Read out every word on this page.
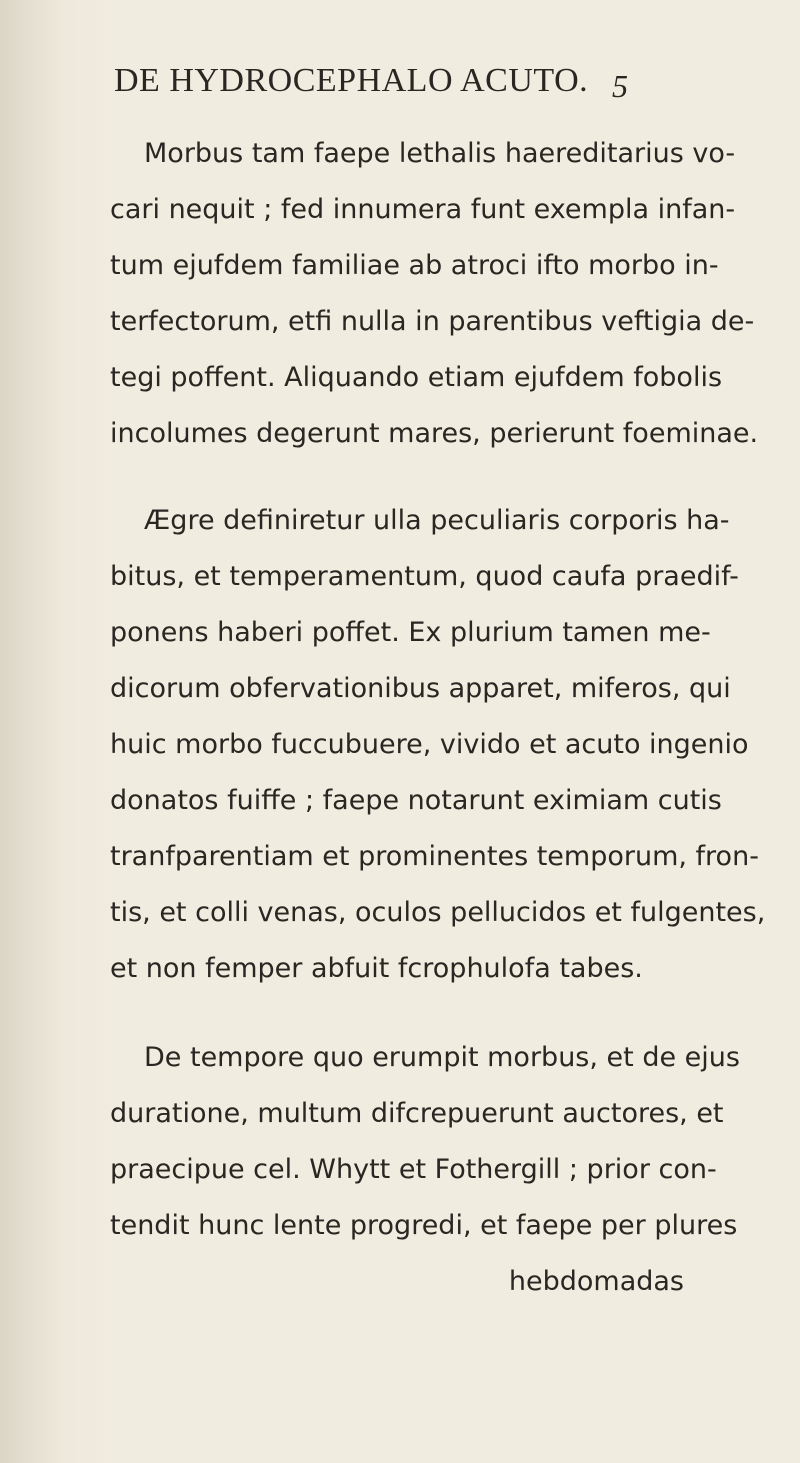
DE HYDROCEPHALO ACUTO. 5
Morbus tam faepe lethalis haereditarius vo-
cari nequit ; fed innumera funt exempla infan-
tum ejufdem familiae ab atroci ifto morbo in-
terfectorum, etfi nulla in parentibus veftigia de-
tegi poffent. Aliquando etiam ejufdem fobolis
incolumes degerunt mares, perierunt foeminae.
Ægre definiretur ulla peculiaris corporis ha-
bitus, et temperamentum, quod caufa praedif-
ponens haberi poffet. Ex plurium tamen me-
dicorum obfervationibus apparet, miferos, qui
huic morbo fuccubuere, vivido et acuto ingenio
donatos fuiffe ; faepe notarunt eximiam cutis
tranfparentiam et prominentes temporum, fron-
tis, et colli venas, oculos pellucidos et fulgentes,
et non femper abfuit fcrophulofa tabes.
De tempore quo erumpit morbus, et de ejus
duratione, multum difcrepuerunt auctores, et
praecipue cel. Whytt et Fothergill ; prior con-
tendit hunc lente progredi, et faepe per plures
hebdomadas
